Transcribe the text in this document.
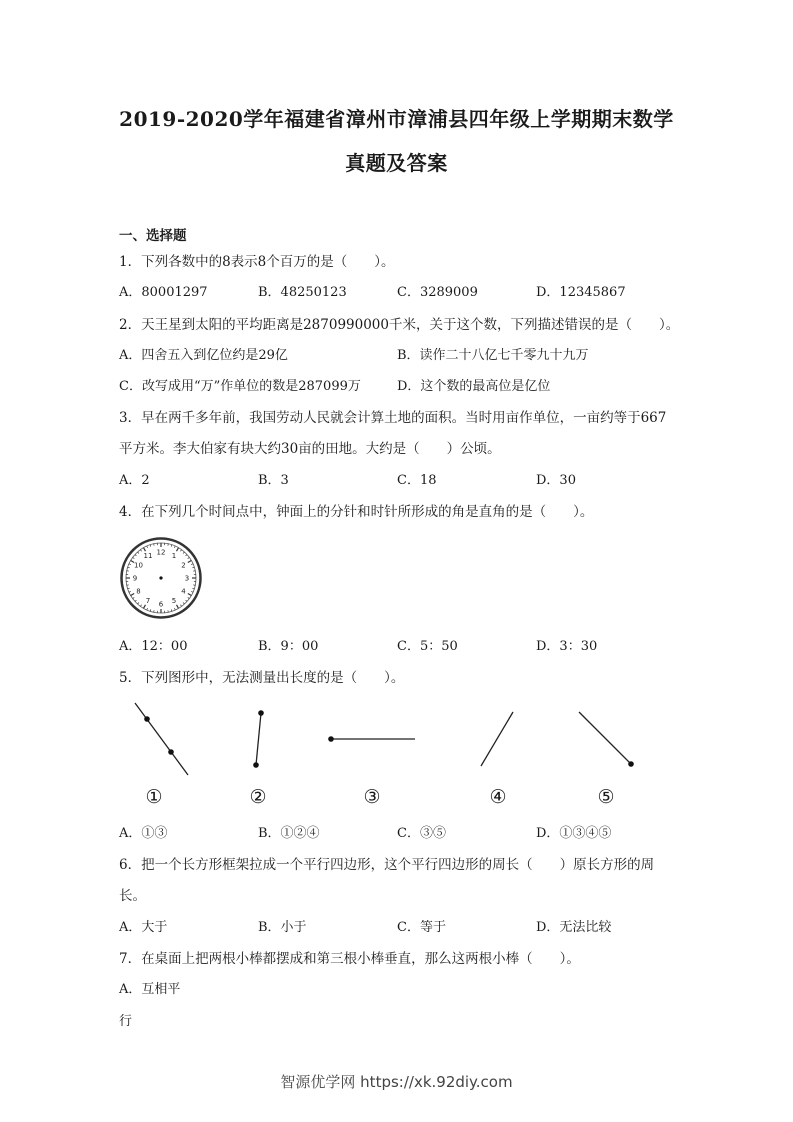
2019-2020学年福建省漳州市漳浦县四年级上学期期末数学
真题及答案
一、选择题
1．下列各数中的8表示8个百万的是（　　）。
A．80001297	B．48250123	C．3289009	D．12345867
2．天王星到太阳的平均距离是2870990000千米，关于这个数，下列描述错误的是（　　）。
A．四舍五入到亿位约是29亿	B．读作二十八亿七千零九十九万
C．改写成用“万”作单位的数是287099万	D．这个数的最高位是亿位
3．早在两千多年前，我国劳动人民就会计算土地的面积。当时用亩作单位，一亩约等于667
平方米。李大伯家有块大约30亩的田地。大约是（　　）公顷。
A．2	B．3	C．18	D．30
4．在下列几个时间点中，钟面上的分针和时针所形成的角是直角的是（　　）。
12 1
2
3
4
5
6
7
8
9
10
11
A．12：00	B．9：00	C．5：50	D．3：30
5．下列图形中，无法测量出长度的是（　　）。
①	②	③	④	⑤
A．①③	B．①②④	C．③⑤	D．①③④⑤
6．把一个长方形框架拉成一个平行四边形，这个平行四边形的周长（　　）原长方形的周
长。
A．大于	B．小于	C．等于	D．无法比较
7．在桌面上把两根小棒都摆成和第三根小棒垂直，那么这两根小棒（　　）。
A．互相平
行
智源优学网 https://xk.92diy.com
